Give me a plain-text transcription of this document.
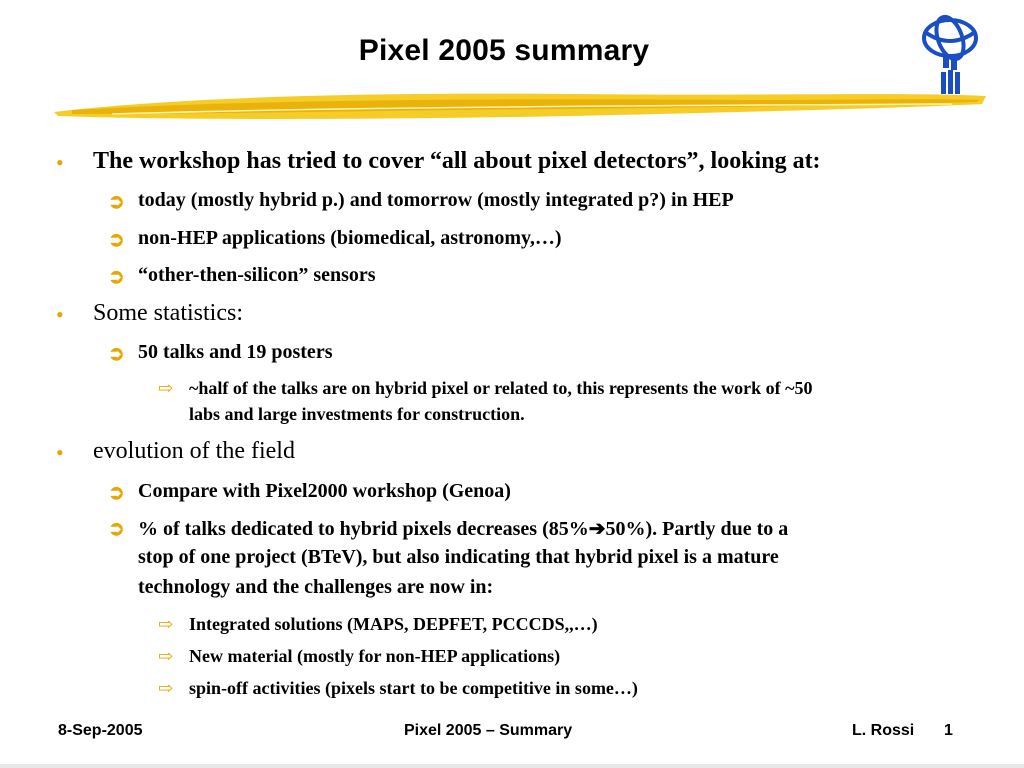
Pixel 2005 summary
• The workshop has tried to cover “all about pixel detectors”, looking at:
➲ today (mostly hybrid p.) and tomorrow (mostly integrated p?) in HEP
➲ non-HEP applications (biomedical, astronomy,…)
➲ “other-then-silicon” sensors
• Some statistics:
➲ 50 talks and 19 posters
⇨ ~half of the talks are on hybrid pixel or related to, this represents the work of ~50
labs and large investments for construction.
• evolution of the field
➲ Compare with Pixel2000 workshop (Genoa)
➲ % of talks dedicated to hybrid pixels decreases (85%➔50%). Partly due to a
stop of one project (BTeV), but also indicating that hybrid pixel is a mature
technology and the challenges are now in:
⇨ Integrated solutions (MAPS, DEPFET, PCCCDS,,…)
⇨ New material (mostly for non-HEP applications)
⇨ spin-off activities (pixels start to be competitive in some…)
8-Sep-2005	Pixel 2005 – Summary	L. Rossi 1
